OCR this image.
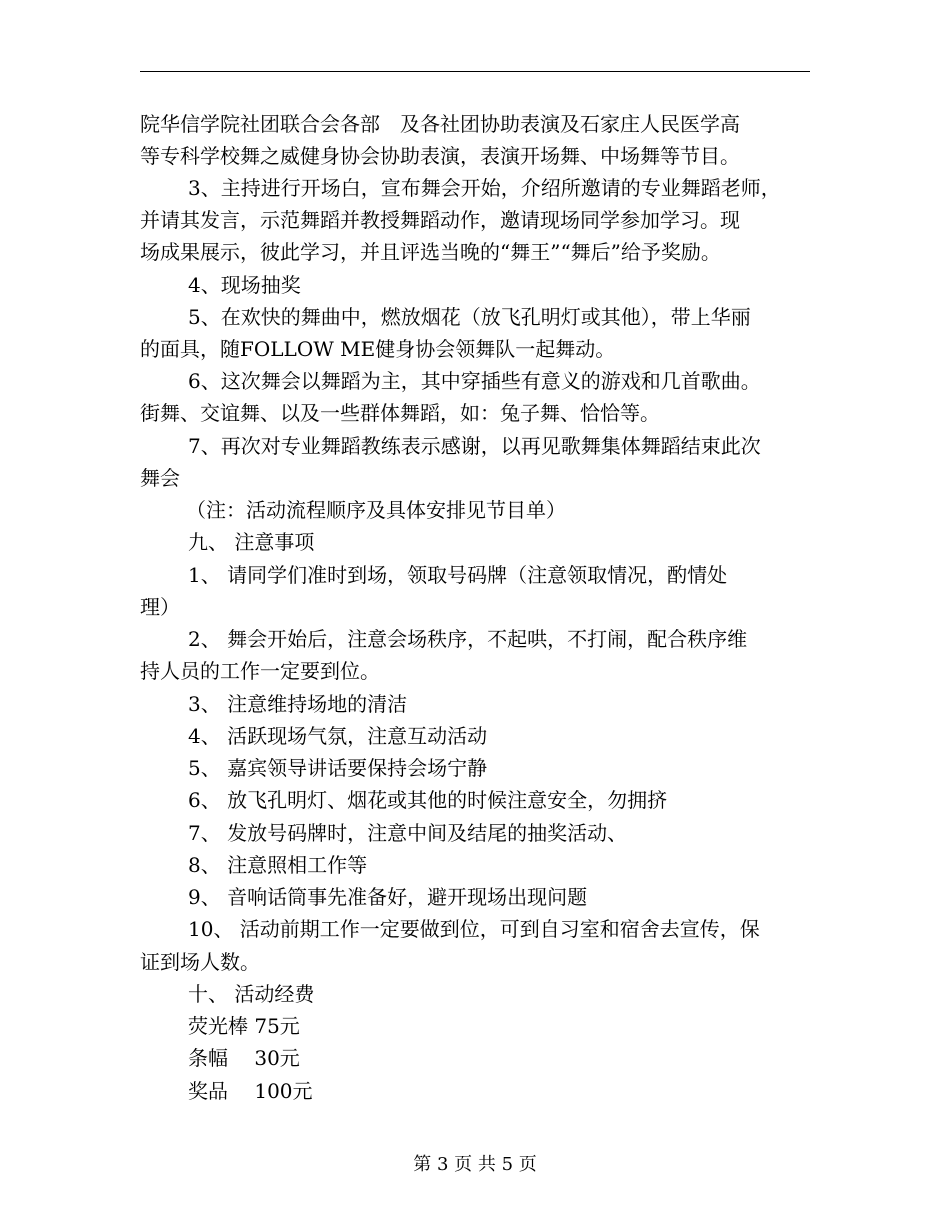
院华信学院社团联合会各部　及各社团协助表演及石家庄人民医学高
等专科学校舞之威健身协会协助表演，表演开场舞、中场舞等节目。
3、主持进行开场白，宣布舞会开始，介绍所邀请的专业舞蹈老师，
并请其发言，示范舞蹈并教授舞蹈动作，邀请现场同学参加学习。现
场成果展示，彼此学习，并且评选当晚的“舞王”“舞后”给予奖励。
4、现场抽奖
5、在欢快的舞曲中，燃放烟花（放飞孔明灯或其他），带上华丽
的面具，随FOLLOW ME健身协会领舞队一起舞动。
6、这次舞会以舞蹈为主，其中穿插些有意义的游戏和几首歌曲。
街舞、交谊舞、以及一些群体舞蹈，如：兔子舞、恰恰等。
7、再次对专业舞蹈教练表示感谢，以再见歌舞集体舞蹈结束此次
舞会
（注：活动流程顺序及具体安排见节目单）
九、 注意事项
1、 请同学们准时到场，领取号码牌（注意领取情况，酌情处
理）
2、 舞会开始后，注意会场秩序，不起哄，不打闹，配合秩序维
持人员的工作一定要到位。
3、 注意维持场地的清洁
4、 活跃现场气氛，注意互动活动
5、 嘉宾领导讲话要保持会场宁静
6、 放飞孔明灯、烟花或其他的时候注意安全，勿拥挤
7、 发放号码牌时，注意中间及结尾的抽奖活动、
8、 注意照相工作等
9、 音响话筒事先准备好，避开现场出现问题
10、 活动前期工作一定要做到位，可到自习室和宿舍去宣传，保
证到场人数。
十、 活动经费
荧光棒 75元
条幅　 30元
奖品　 100元
第 3 页 共 5 页
